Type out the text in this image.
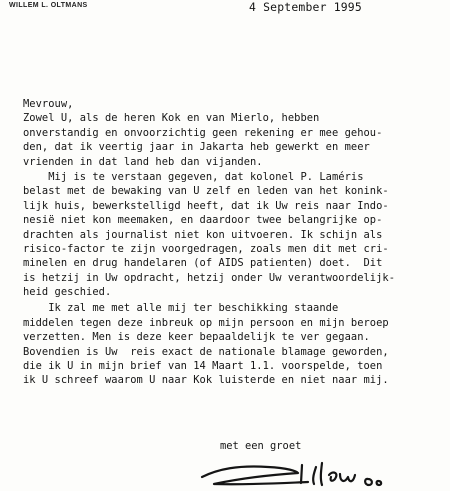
WILLEM L. OLTMANS	4 September 1995
Mevrouw,
Zowel U, als de heren Kok en van Mierlo, hebben
onverstandig en onvoorzichtig geen rekening er mee gehou-
den, dat ik veertig jaar in Jakarta heb gewerkt en meer
vrienden in dat land heb dan vijanden.
Mij is te verstaan gegeven, dat kolonel P. Laméris
belast met de bewaking van U zelf en leden van het konink-
lijk huis, bewerkstelligd heeft, dat ik Uw reis naar Indo-
nesië niet kon meemaken, en daardoor twee belangrijke op-
drachten als journalist niet kon uitvoeren. Ik schijn als
risico-factor te zijn voorgedragen, zoals men dit met cri-
minelen en drug handelaren (of AIDS patienten) doet.  Dit
is hetzij in Uw opdracht, hetzij onder Uw verantwoordelijk-
heid geschied.
Ik zal me met alle mij ter beschikking staande
middelen tegen deze inbreuk op mijn persoon en mijn beroep
verzetten. Men is deze keer bepaaldelijk te ver gegaan.
Bovendien is Uw  reis exact de nationale blamage geworden,
die ik U in mijn brief van 14 Maart 1.1. voorspelde, toen
ik U schreef waarom U naar Kok luisterde en niet naar mij.
met een groet
